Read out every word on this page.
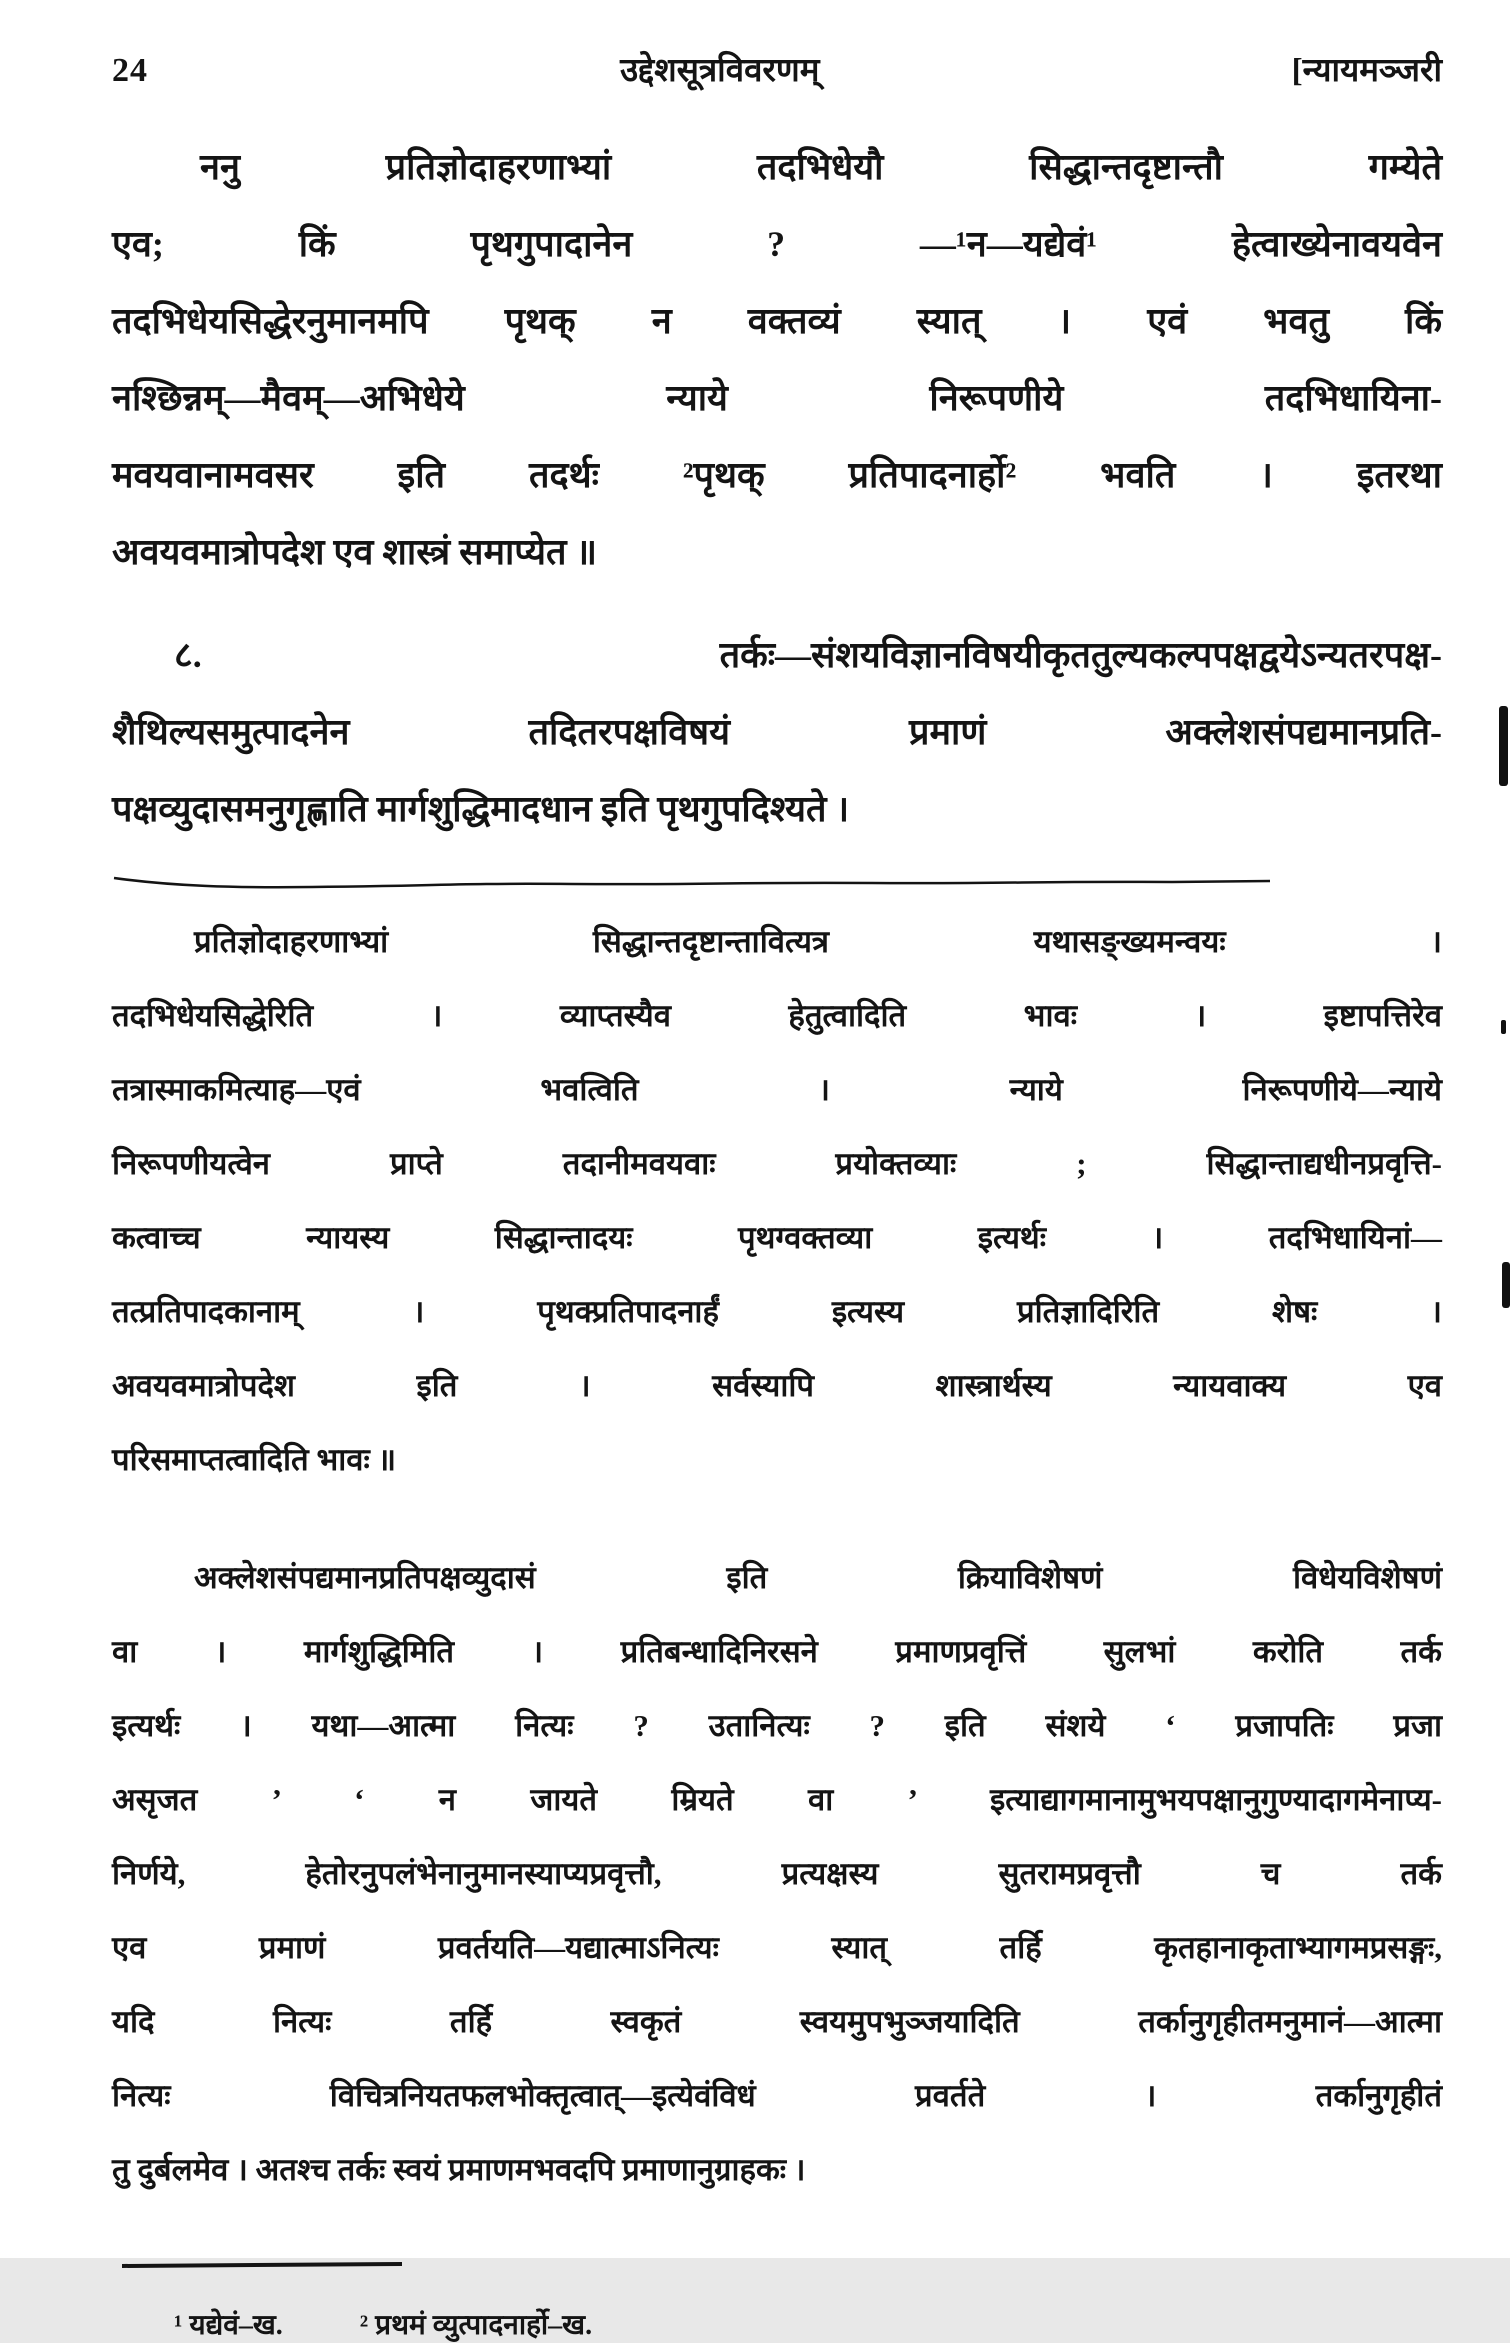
24	उद्देशसूत्रविवरणम्	[न्यायमञ्जरी
ननु प्रतिज्ञोदाहरणाभ्यां तदभिधेयौ सिद्धान्तदृष्टान्तौ गम्येते
एव; किं पृथगुपादानेन ? —¹न—यद्येवं¹ हेत्वाख्येनावयवेन
तदभिधेयसिद्धेरनुमानमपि पृथक् न वक्तव्यं स्यात् । एवं भवतु किं
नश्छिन्नम्—मैवम्—अभिधेये न्याये निरूपणीये तदभिधायिना-
मवयवानामवसर इति तदर्थः ²पृथक् प्रतिपादनार्हो² भवति । इतरथा
अवयवमात्रोपदेश एव शास्त्रं समाप्येत ॥
८. तर्कः—संशयविज्ञानविषयीकृततुल्यकल्पपक्षद्वयेऽन्यतरपक्ष-
शैथिल्यसमुत्पादनेन तदितरपक्षविषयं प्रमाणं अक्लेशसंपद्यमानप्रति-
पक्षव्युदासमनुगृह्णाति मार्गशुद्धिमादधान इति पृथगुपदिश्यते ।
प्रतिज्ञोदाहरणाभ्यां सिद्धान्तदृष्टान्तावित्यत्र यथासङ्ख्यमन्वयः ।
तदभिधेयसिद्धेरिति । व्याप्तस्यैव हेतुत्वादिति भावः । इष्टापत्तिरेव
तत्रास्माकमित्याह—एवं भवत्विति । न्याये निरूपणीये—न्याये
निरूपणीयत्वेन प्राप्ते तदानीमवयवाः प्रयोक्तव्याः ; सिद्धान्ताद्यधीनप्रवृत्ति-
कत्वाच्च न्यायस्य सिद्धान्तादयः पृथग्वक्तव्या इत्यर्थः । तदभिधायिनां—
तत्प्रतिपादकानाम् । पृथक्प्रतिपादनार्हं इत्यस्य प्रतिज्ञादिरिति शेषः ।
अवयवमात्रोपदेश इति । सर्वस्यापि शास्त्रार्थस्य न्यायवाक्य एव
परिसमाप्तत्वादिति भावः ॥
अक्लेशसंपद्यमानप्रतिपक्षव्युदासं इति क्रियाविशेषणं विधेयविशेषणं
वा । मार्गशुद्धिमिति । प्रतिबन्धादिनिरसने प्रमाणप्रवृत्तिं सुलभां करोति तर्क
इत्यर्थः । यथा—आत्मा नित्यः ? उतानित्यः ? इति संशये ‘ प्रजापतिः प्रजा
असृजत ’ ‘ न जायते म्रियते वा ’ इत्याद्यागमानामुभयपक्षानुगुण्यादागमेनाप्य-
निर्णये, हेतोरनुपलंभेनानुमानस्याप्यप्रवृत्तौ, प्रत्यक्षस्य सुतरामप्रवृत्तौ च तर्क
एव प्रमाणं प्रवर्तयति—यद्यात्माऽनित्यः स्यात् तर्हि कृतहानाकृताभ्यागमप्रसङ्गः,
यदि नित्यः तर्हि स्वकृतं स्वयमुपभुञ्जयादिति तर्कानुगृहीतमनुमानं—आत्मा
नित्यः विचित्रनियतफलभोक्तृत्वात्—इत्येवंविधं प्रवर्तते । तर्कानुगृहीतं
तु दुर्बलमेव । अतश्च तर्कः स्वयं प्रमाणमभवदपि प्रमाणानुग्राहकः ।
¹ यद्येवं–ख.	² प्रथमं व्युत्पादनार्हो–ख.
